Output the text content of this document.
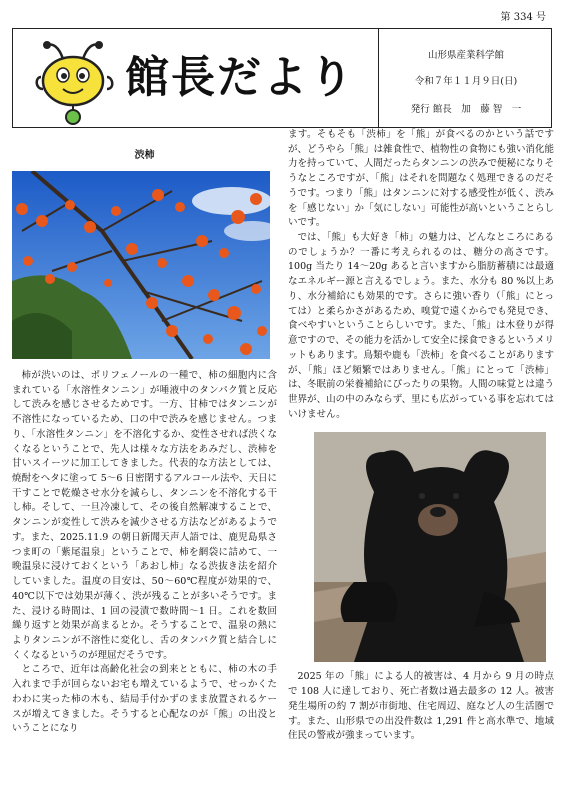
第 334 号
館長だより	山形県産業科学館
令和７年１１月９日(日)
発行 館長　加　藤 智　一
渋柿

柿が渋いのは、ポリフェノールの一種で、柿の細胞内に含まれている「水溶性タンニン」が唾液中のタンパク質と反応して渋みを感じさせるためです。一方、甘柿ではタンニンが不溶性になっているため、口の中で渋みを感じません。つまり、「水溶性タンニン」を不溶化するか、変性させれば渋くなくなるということで、先人は様々な方法をあみだし、渋柿を甘いスイーツに加工してきました。代表的な方法としては、焼酎をヘタに塗って 5～6 日密閉するアルコール法や、天日に干すことで乾燥させ水分を減らし、タンニンを不溶化する干し柿。そして、一旦冷凍して、その後自然解凍することで、タンニンが変性して渋みを減少させる方法などがあるようです。また、2025.11.9 の朝日新聞天声人語では、鹿児島県さつま町の「紫尾温泉」ということで、柿を網袋に詰めて、一晩温泉に浸けておくという「あおし柿」なる渋抜き法を紹介していました。温度の目安は、50～60℃程度が効果的で、40℃以下では効果が薄く、渋が残ることが多いそうです。また、浸ける時間は、1 回の浸漬で数時間～1 日。これを数回繰り返すと効果が高まるとか。そうすることで、温泉の熱によりタンニンが不溶性に変化し、舌のタンパク質と結合しにくくなるというのが理屈だそうです。

ところで、近年は高齢化社会の到来とともに、柿の木の手入れまで手が回らないお宅も増えているようで、せっかくたわわに実った柿の木も、結局手付かずのまま放置されるケースが増えてきました。そうすると心配なのが「熊」の出没ということになり

ます。そもそも「渋柿」を「熊」が食べるのかという話ですが、どうやら「熊」は雑食性で、植物性の食物にも強い消化能力を持っていて、人間だったらタンニンの渋みで便秘になりそうなところですが、「熊」はそれを問題なく処理できるのだそうです。つまり「熊」はタンニンに対する感受性が低く、渋みを「感じない」か「気にしない」可能性が高いということらしいです。

では、「熊」も大好き「柿」の魅力は、どんなところにあるのでしょうか？一番に考えられるのは、糖分の高さです。100g 当たり 14～20g あると言いますから脂肪蓄積には最適なエネルギー源と言えるでしょう。また、水分も 80 %以上あり、水分補給にも効果的です。さらに強い香り（「熊」にとっては）と柔らかさがあるため、嗅覚で遠くからでも発見でき、食べやすいということらしいです。また、「熊」は木登りが得意ですので、その能力を活かして安全に採食できるというメリットもあります。鳥類や鹿も「渋柿」を食べることがありますが、「熊」ほど頻繁ではありません。「熊」にとって「渋柿」は、冬眠前の栄養補給にぴったりの果物。人間の味覚とは違う世界が、山の中のみならず、里にも広がっている事を忘れてはいけません。

2025 年の「熊」による人的被害は、4 月から 9 月の時点で 108 人に達しており、死亡者数は過去最多の 12 人。被害発生場所の約 7 割が市街地、住宅周辺、庭など人の生活圏です。また、山形県での出没件数は 1,291 件と高水準で、地域住民の警戒が強まっています。
